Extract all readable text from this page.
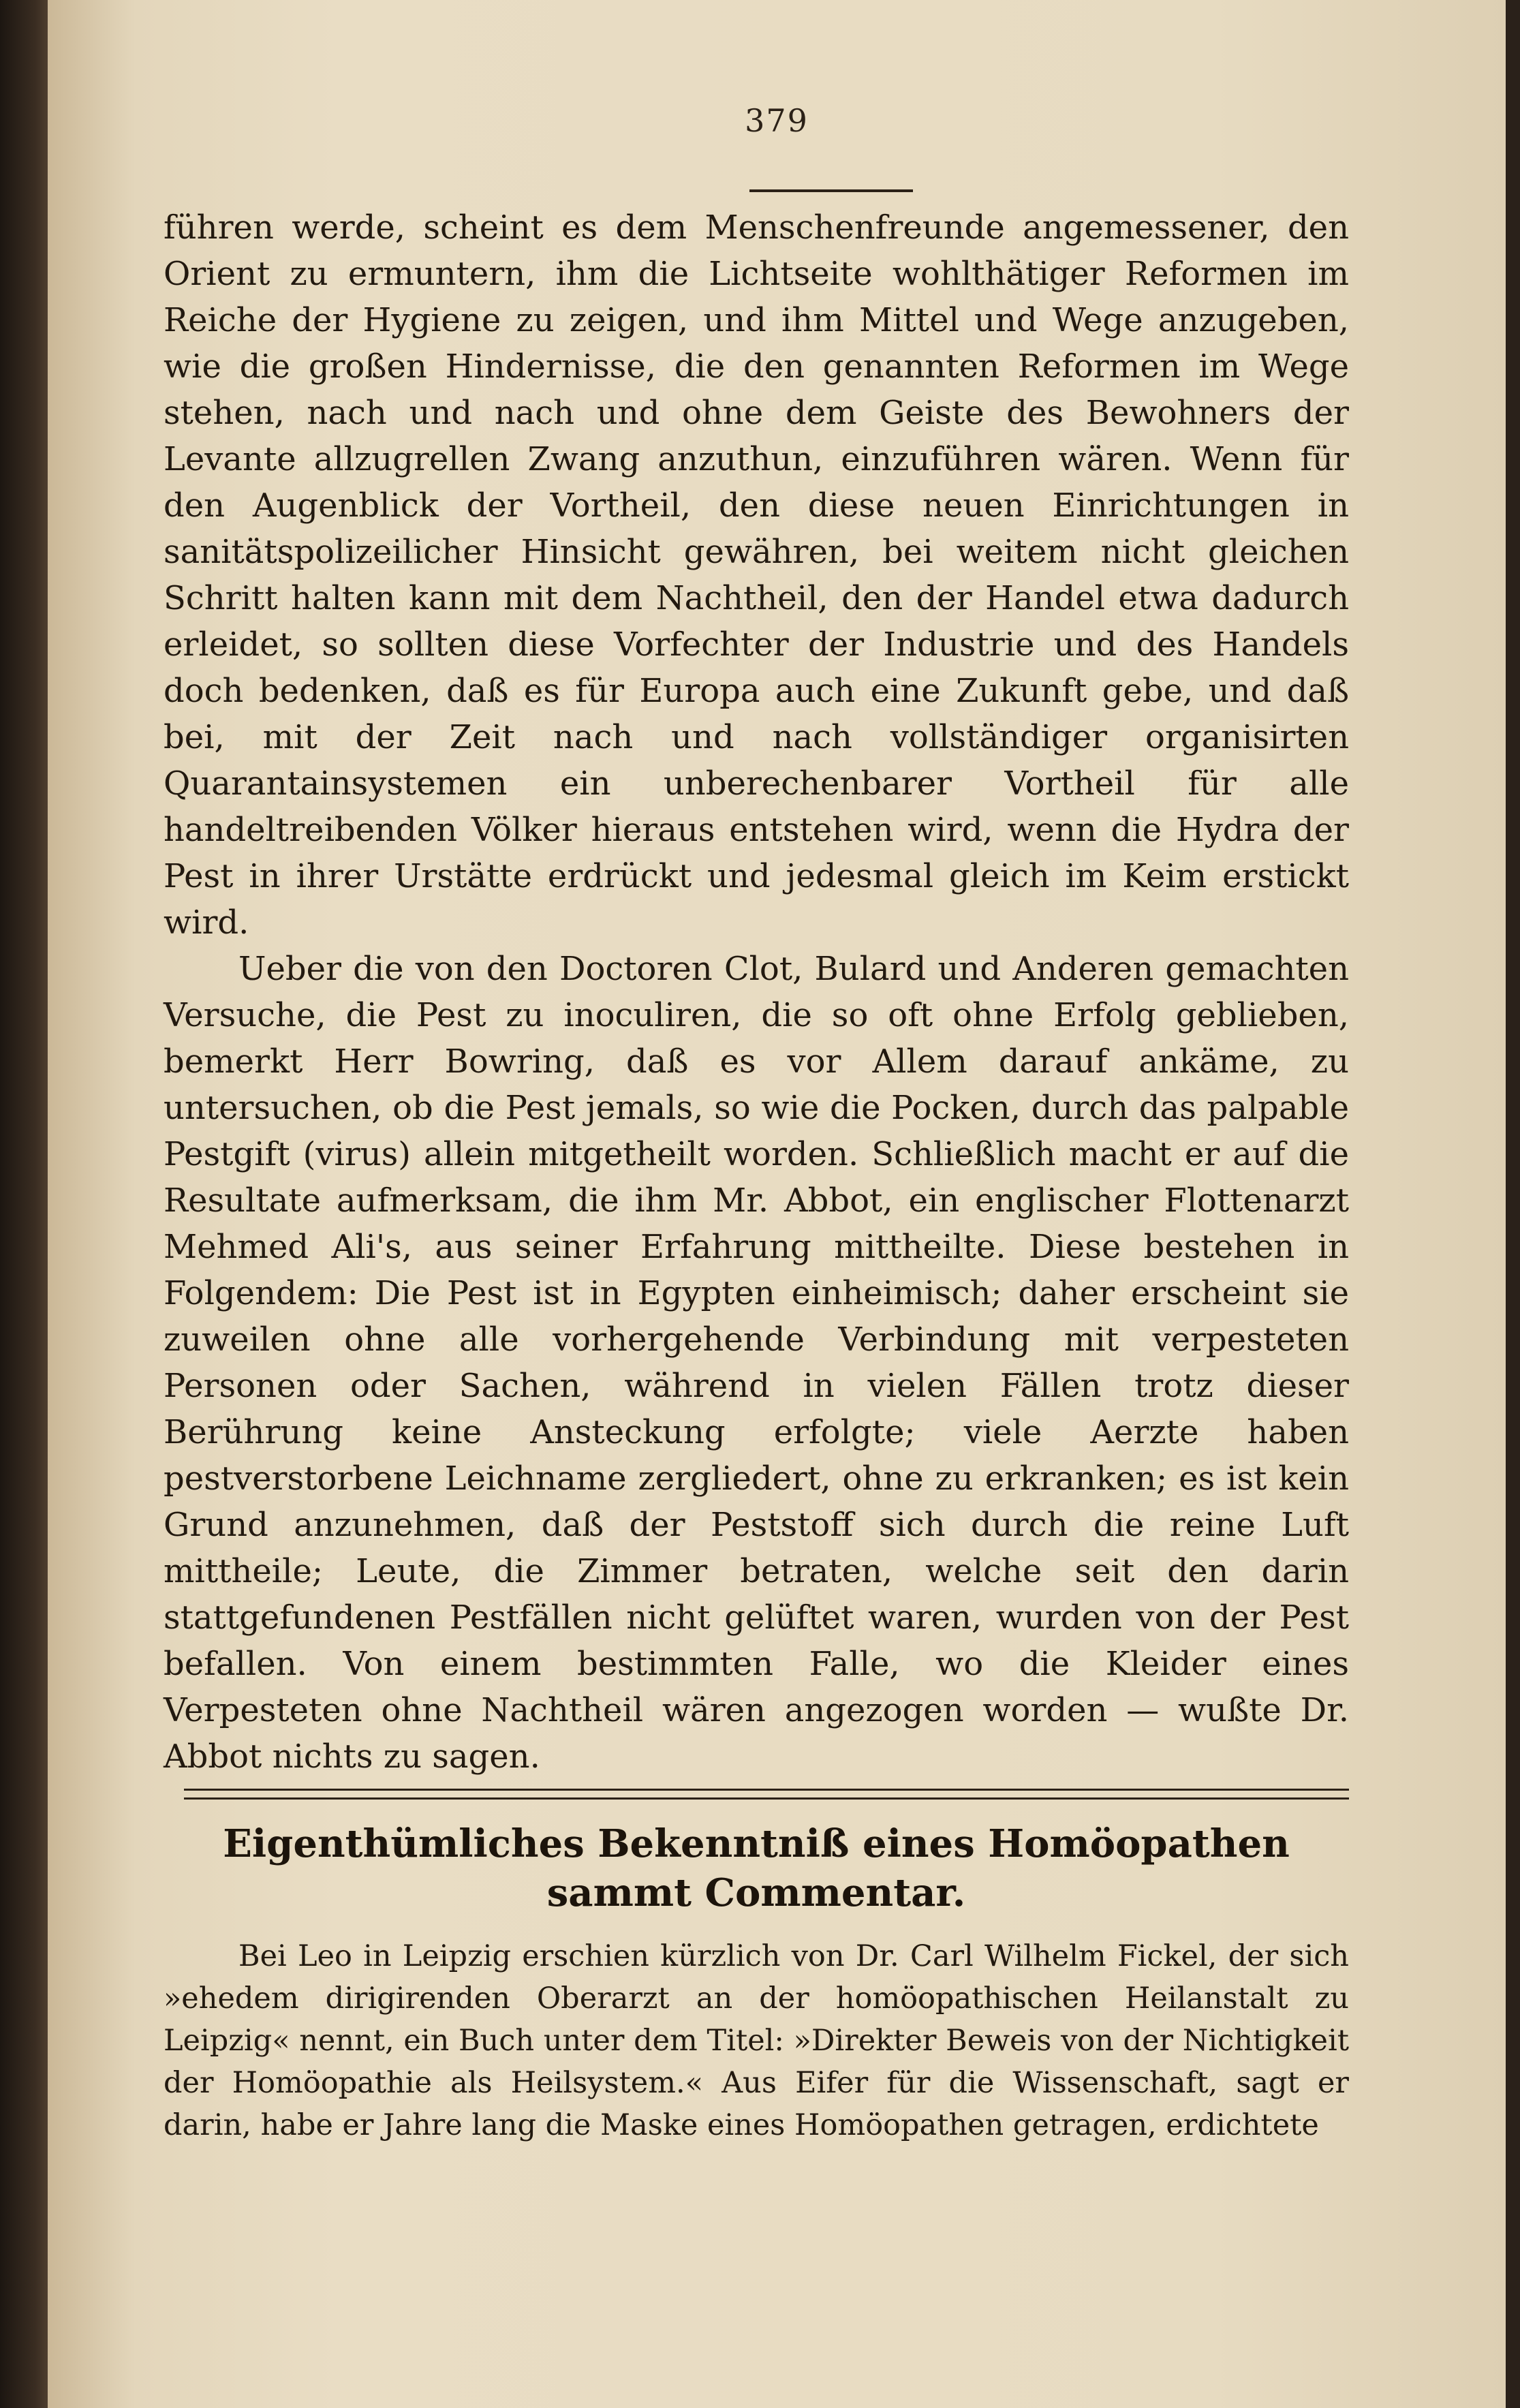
379

führen werde, scheint es dem Menschenfreunde angemessener, den Orient zu ermuntern, ihm die Lichtseite wohlthätiger Reformen im Reiche der Hygiene zu zeigen, und ihm Mittel und Wege anzugeben, wie die großen Hindernisse, die den genannten Reformen im Wege stehen, nach und nach und ohne dem Geiste des Bewohners der Levante allzugrellen Zwang anzuthun, einzuführen wären. Wenn für den Augenblick der Vortheil, den diese neuen Einrichtungen in sanitätspolizeilicher Hinsicht gewähren, bei weitem nicht gleichen Schritt halten kann mit dem Nachtheil, den der Handel etwa dadurch erleidet, so sollten diese Vorfechter der Industrie und des Handels doch bedenken, daß es für Europa auch eine Zukunft gebe, und daß bei, mit der Zeit nach und nach vollständiger organisirten Quarantainsystemen ein unberechenbarer Vortheil für alle handeltreibenden Völker hieraus entstehen wird, wenn die Hydra der Pest in ihrer Urstätte erdrückt und jedesmal gleich im Keim erstickt wird.

Ueber die von den Doctoren Clot, Bulard und Anderen gemachten Versuche, die Pest zu inoculiren, die so oft ohne Erfolg geblieben, bemerkt Herr Bowring, daß es vor Allem darauf ankäme, zu untersuchen, ob die Pest jemals, so wie die Pocken, durch das palpable Pestgift (virus) allein mitgetheilt worden. Schließlich macht er auf die Resultate aufmerksam, die ihm Mr. Abbot, ein englischer Flottenarzt Mehmed Ali's, aus seiner Erfahrung mittheilte. Diese bestehen in Folgendem: Die Pest ist in Egypten einheimisch; daher erscheint sie zuweilen ohne alle vorhergehende Verbindung mit verpesteten Personen oder Sachen, während in vielen Fällen trotz dieser Berührung keine Ansteckung erfolgte; viele Aerzte haben pestverstorbene Leichname zergliedert, ohne zu erkranken; es ist kein Grund anzunehmen, daß der Peststoff sich durch die reine Luft mittheile; Leute, die Zimmer betraten, welche seit den darin stattgefundenen Pestfällen nicht gelüftet waren, wurden von der Pest befallen. Von einem bestimmten Falle, wo die Kleider eines Verpesteten ohne Nachtheil wären angezogen worden — wußte Dr. Abbot nichts zu sagen.

Eigenthümliches Bekenntniß eines Homöopathen sammt Commentar.
Bei Leo in Leipzig erschien kürzlich von Dr. Carl Wilhelm Fickel, der sich »ehedem dirigirenden Oberarzt an der homöopathischen Heilanstalt zu Leipzig« nennt, ein Buch unter dem Titel: »Direkter Beweis von der Nichtigkeit der Homöopathie als Heilsystem.« Aus Eifer für die Wissenschaft, sagt er darin, habe er Jahre lang die Maske eines Homöopathen getragen, erdichtete
